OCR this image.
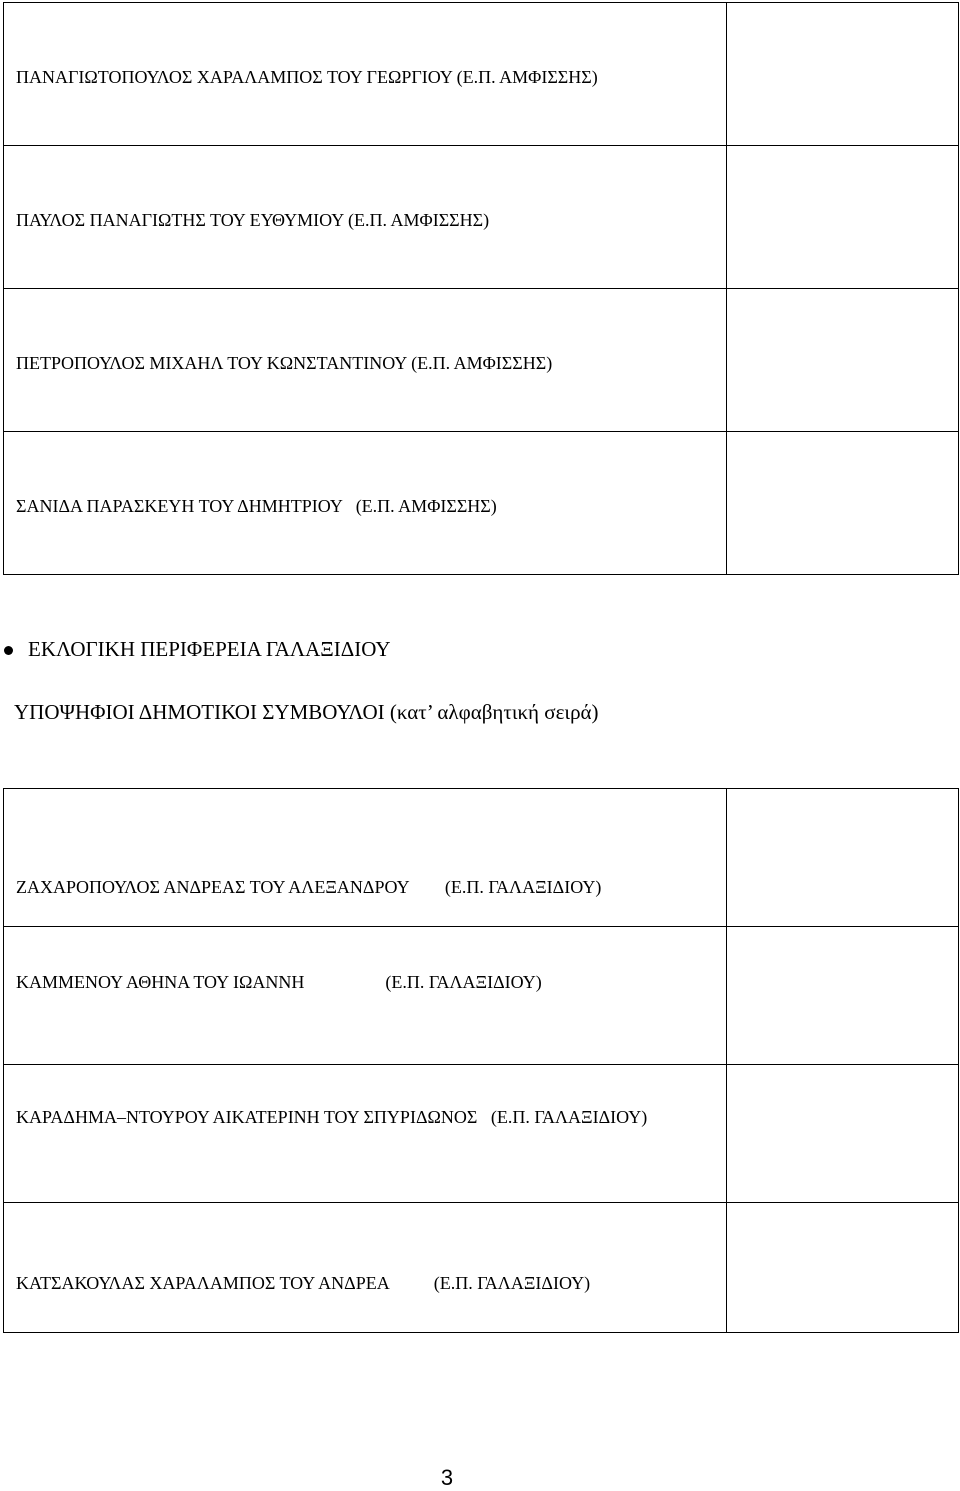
ΠΑΝΑΓΙΩΤΟΠΟΥΛΟΣ ΧΑΡΑΛΑΜΠΟΣ ΤΟΥ ΓΕΩΡΓΙΟΥ (Ε.Π. ΑΜΦΙΣΣΗΣ)	

ΠΑΥΛΟΣ ΠΑΝΑΓΙΩΤΗΣ ΤΟΥ ΕΥΘΥΜΙΟΥ (Ε.Π. ΑΜΦΙΣΣΗΣ)	

ΠΕΤΡΟΠΟΥΛΟΣ ΜΙΧΑΗΛ ΤΟΥ ΚΩΝΣΤΑΝΤΙΝΟΥ (Ε.Π. ΑΜΦΙΣΣΗΣ)	

ΣΑΝΙΔΑ ΠΑΡΑΣΚΕΥΗ ΤΟΥ ΔΗΜΗΤΡΙΟΥ   (Ε.Π. ΑΜΦΙΣΣΗΣ)	

ΕΚΛΟΓΙΚΗ ΠΕΡΙΦΕΡΕΙΑ ΓΑΛΑΞΙΔΙΟΥ
ΥΠΟΨΗΦΙΟΙ ΔΗΜΟΤΙΚΟΙ ΣΥΜΒΟΥΛΟΙ (κατ’ αλφαβητική σειρά)
ΖΑΧΑΡΟΠΟΥΛΟΣ ΑΝΔΡΕΑΣ ΤΟΥ ΑΛΕΞΑΝΔΡΟΥ        (Ε.Π. ΓΑΛΑΞΙΔΙΟΥ)	

ΚΑΜΜΕΝΟΥ ΑΘΗΝΑ ΤΟΥ ΙΩΑΝΝΗ                  (Ε.Π. ΓΑΛΑΞΙΔΙΟΥ)	

ΚΑΡΑΔΗΜΑ–ΝΤΟΥΡΟΥ ΑΙΚΑΤΕΡΙΝΗ ΤΟΥ ΣΠΥΡΙΔΩΝΟΣ   (Ε.Π. ΓΑΛΑΞΙΔΙΟΥ)	

ΚΑΤΣΑΚΟΥΛΑΣ ΧΑΡΑΛΑΜΠΟΣ ΤΟΥ ΑΝΔΡΕΑ          (Ε.Π. ΓΑΛΑΞΙΔΙΟΥ)	

3
